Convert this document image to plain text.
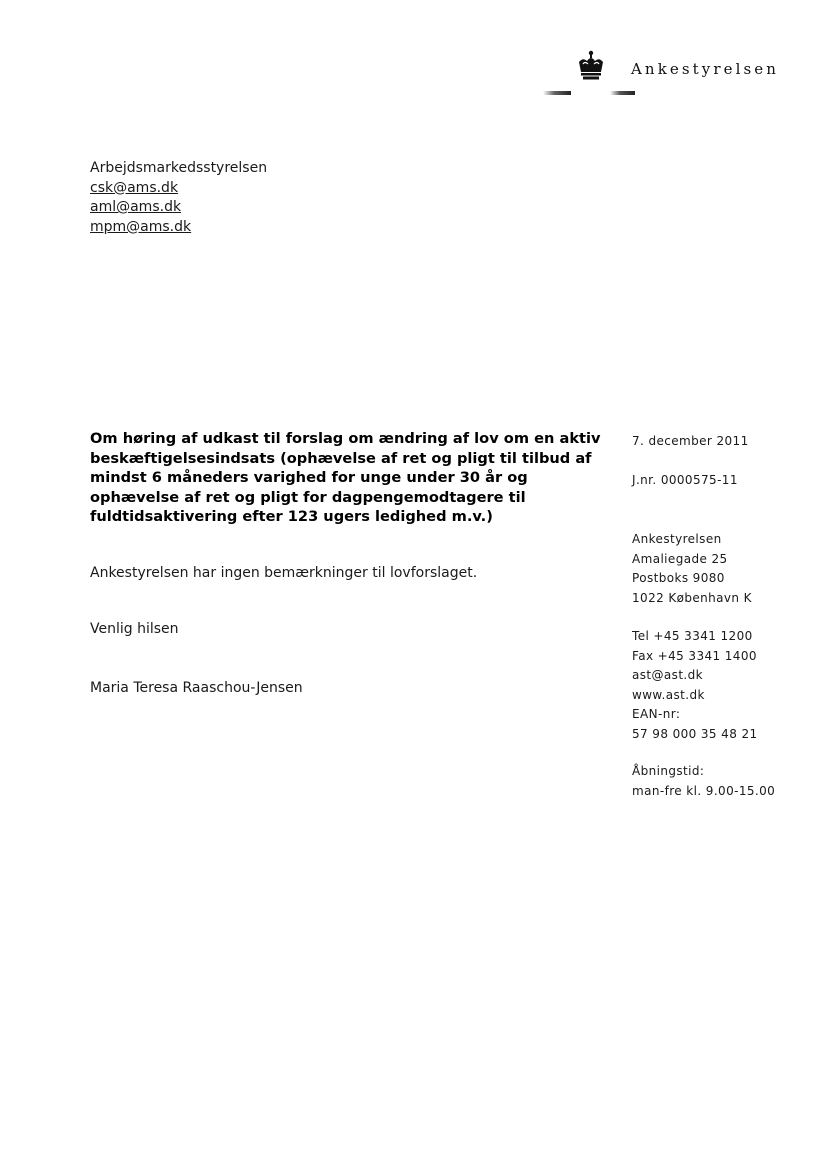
Ankestyrelsen
Arbejdsmarkedsstyrelsen
csk@ams.dk
aml@ams.dk
mpm@ams.dk
Om høring af udkast til forslag om ændring af lov om en aktiv beskæftigelsesindsats (ophævelse af ret og pligt til tilbud af mindst 6 måneders varighed for unge under 30 år og ophævelse af ret og pligt for dagpengemodtagere til fuldtidsaktivering efter 123 ugers ledighed m.v.)
Ankestyrelsen har ingen bemærkninger til lovforslaget.
Venlig hilsen
Maria Teresa Raaschou-Jensen
7. december 2011
J.nr. 0000575-11
Ankestyrelsen
Amaliegade 25
Postboks 9080
1022 København K
Tel +45 3341 1200
Fax +45 3341 1400
ast@ast.dk
www.ast.dk
EAN-nr:
57 98 000 35 48 21
Åbningstid:
man-fre kl. 9.00-15.00
